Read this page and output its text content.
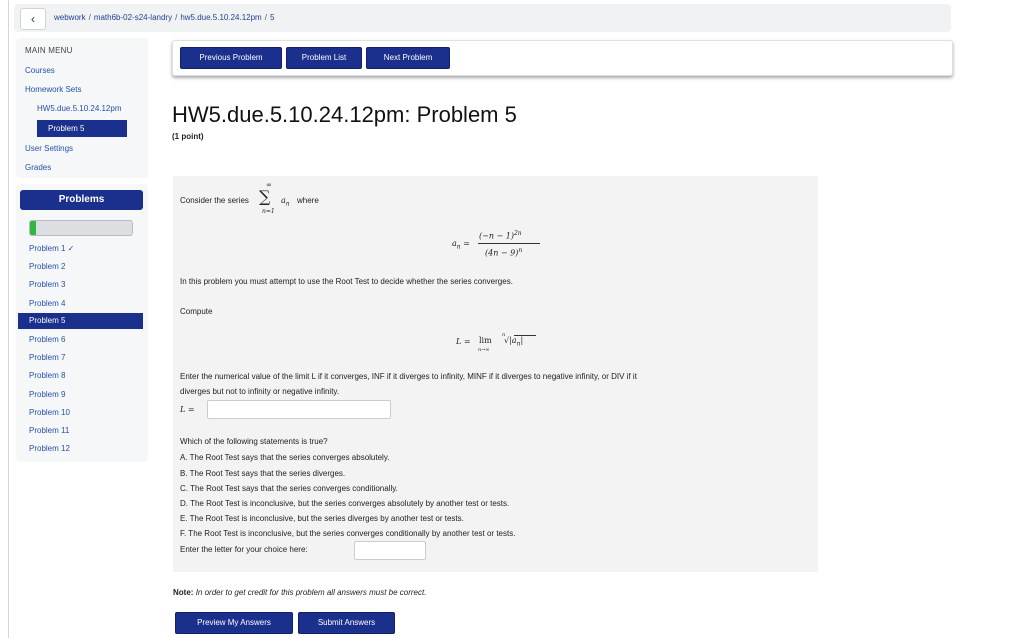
‹ webwork / math6b-02-s24-landry / hw5.due.5.10.24.12pm / 5
MAIN MENU
Courses
Homework Sets
HW5.due.5.10.24.12pm
Problem 5
User Settings
Grades
Problems
Problem 1 ✓
Problem 2
Problem 3
Problem 4
Problem 5
Problem 6
Problem 7
Problem 8
Problem 9
Problem 10
Problem 11
Problem 12
Previous Problem	Problem List	Next Problem
HW5.due.5.10.24.12pm: Problem 5
(1 point)
Consider the series
∞
∑
n=1
$a_n$ where
$a_n$ =
$(-n - 1)^{2n}$
$(4n - 9)^n$
In this problem you must attempt to use the Root Test to decide whether the series converges.
Compute
L = lim
n→∞
n
$√|a_n|$
Enter the numerical value of the limit L if it converges, INF if it diverges to infinity, MINF if it diverges to negative infinity, or DIV if it
diverges but not to infinity or negative infinity.
L =
Which of the following statements is true?
A. The Root Test says that the series converges absolutely.
B. The Root Test says that the series diverges.
C. The Root Test says that the series converges conditionally.
D. The Root Test is inconclusive, but the series converges absolutely by another test or tests.
E. The Root Test is inconclusive, but the series diverges by another test or tests.
F. The Root Test is inconclusive, but the series converges conditionally by another test or tests.
Enter the letter for your choice here:
Note: In order to get credit for this problem all answers must be correct.
Preview My Answers	Submit Answers
